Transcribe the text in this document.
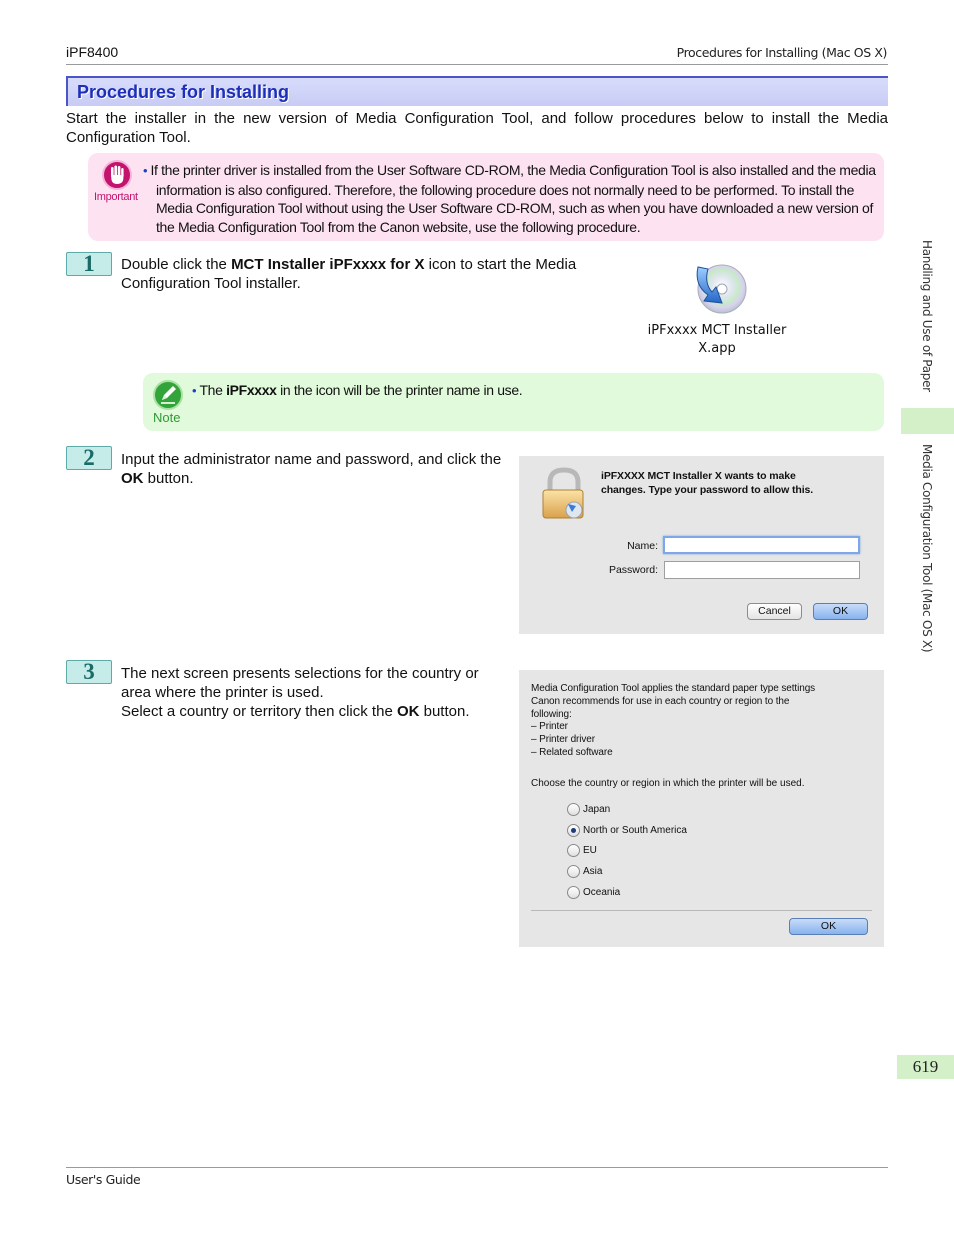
iPF8400	Procedures for Installing (Mac OS X)
Handling and Use of Paper
Media Configuration Tool (Mac OS X)
Procedures for Installing
Start the installer in the new version of Media Configuration Tool, and follow procedures below to install the Media Configuration Tool.
Important
• If the printer driver is installed from the User Software CD-ROM, the Media Configuration Tool is also installed and the media information is also configured. Therefore, the following procedure does not normally need to be performed. To install the Media Configuration Tool without using the User Software CD-ROM, such as when you have downloaded a new version of the Media Configuration Tool from the Canon website, use the following procedure.
1	Double click the MCT Installer iPFxxxx for X icon to start the Media Configuration Tool installer.
iPFxxxx MCT Installer
X.app
Note
• The iPFxxxx in the icon will be the printer name in use.
2	Input the administrator name and password, and click the OK button.	iPFXXXX MCT Installer X wants to make
changes. Type your password to allow this.
Name:
Password:
Cancel	OK
3	The next screen presents selections for the country or area where the printer is used.
Select a country or territory then click the OK button.
Media Configuration Tool applies the standard paper type settings
Canon recommends for use in each country or region to the
following:
– Printer
– Printer driver
– Related software
Choose the country or region in which the printer will be used.
Japan
North or South America
EU
Asia
Oceania
OK
619
User's Guide
